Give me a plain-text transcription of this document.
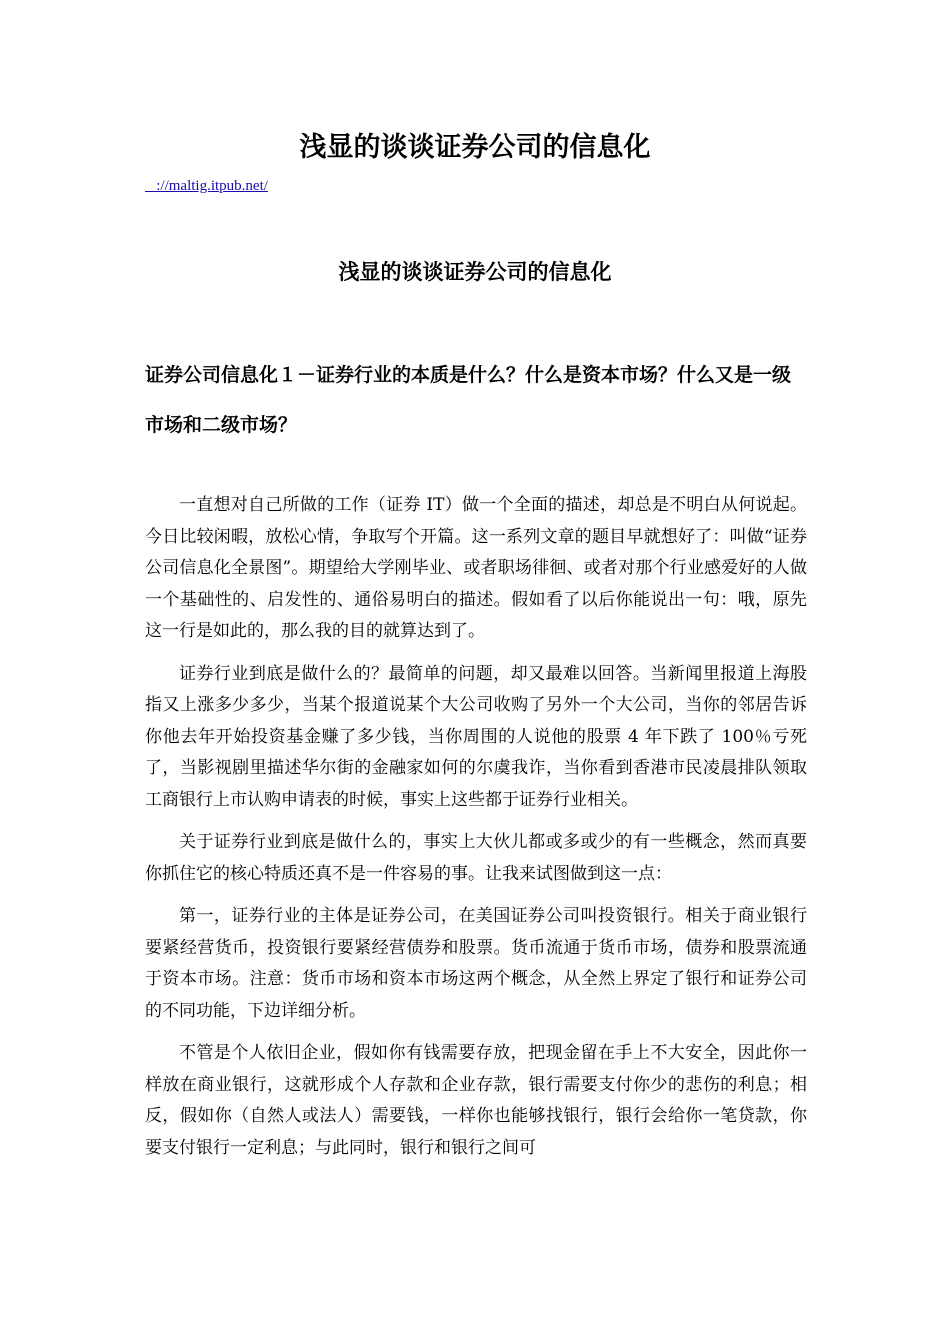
浅显的谈谈证券公司的信息化
://maltig.itpub.net/
浅显的谈谈证券公司的信息化
证券公司信息化１－证券行业的本质是什么？什么是资本市场？什么又是一级市场和二级市场？

一直想对自己所做的工作（证券 IT）做一个全面的描述，却总是不明白从何说起。今日比较闲暇，放松心情，争取写个开篇。这一系列文章的题目早就想好了：叫做“证券公司信息化全景图”。期望给大学刚毕业、或者职场徘徊、或者对那个行业感爱好的人做一个基础性的、启发性的、通俗易明白的描述。假如看了以后你能说出一句：哦，原先这一行是如此的，那么我的目的就算达到了。

证券行业到底是做什么的？最简单的问题，却又最难以回答。当新闻里报道上海股指又上涨多少多少，当某个报道说某个大公司收购了另外一个大公司，当你的邻居告诉你他去年开始投资基金赚了多少钱，当你周围的人说他的股票 4 年下跌了 100％亏死了，当影视剧里描述华尔街的金融家如何的尔虞我诈，当你看到香港市民凌晨排队领取工商银行上市认购申请表的时候，事实上这些都于证券行业相关。

关于证券行业到底是做什么的，事实上大伙儿都或多或少的有一些概念，然而真要你抓住它的核心特质还真不是一件容易的事。让我来试图做到这一点：

第一，证券行业的主体是证券公司，在美国证券公司叫投资银行。相关于商业银行要紧经营货币，投资银行要紧经营债券和股票。货币流通于货币市场，债券和股票流通于资本市场。注意：货币市场和资本市场这两个概念，从全然上界定了银行和证券公司的不同功能，下边详细分析。

不管是个人依旧企业，假如你有钱需要存放，把现金留在手上不大安全，因此你一样放在商业银行，这就形成个人存款和企业存款，银行需要支付你少的悲伤的利息；相反，假如你（自然人或法人）需要钱，一样你也能够找银行，银行会给你一笔贷款，你要支付银行一定利息；与此同时，银行和银行之间可
